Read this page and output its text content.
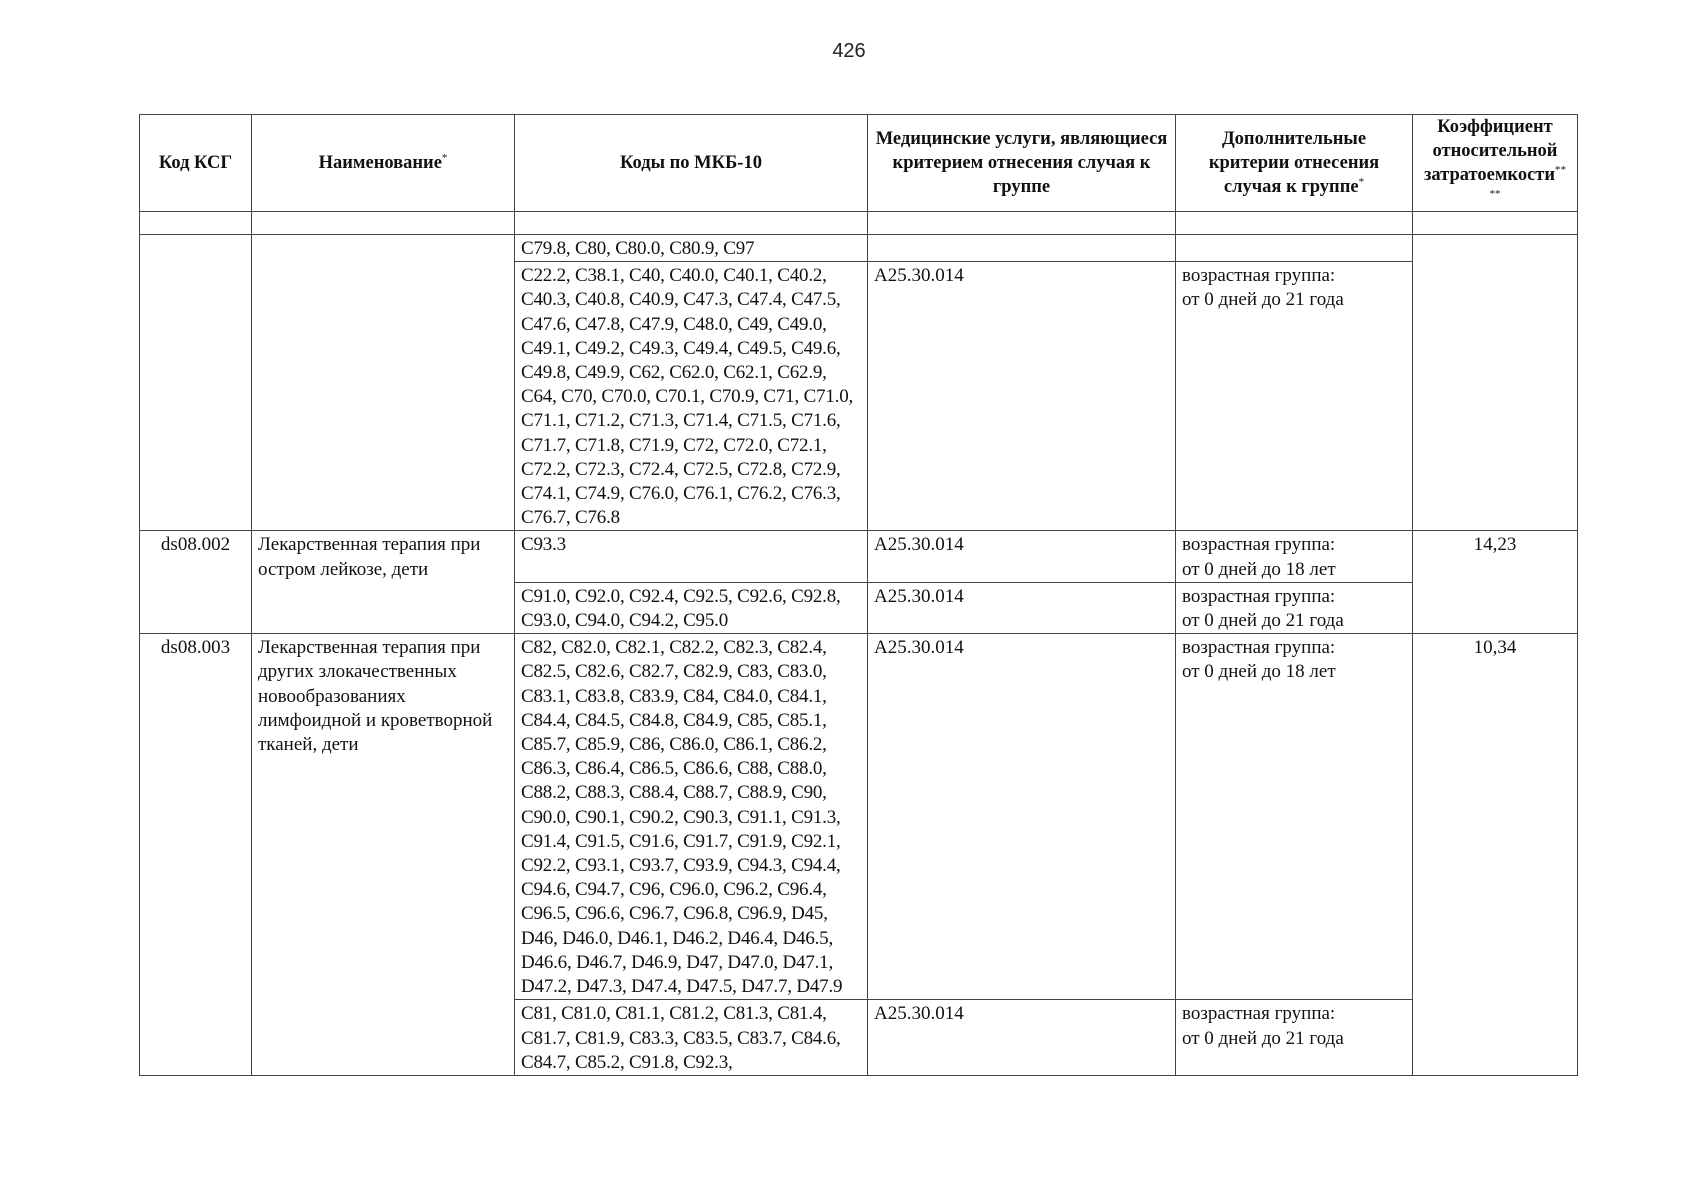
426
Код КСГ	Наименование*	Коды по МКБ-10	Медицинские услуги, являющиеся критерием отнесения случая к группе	Дополнительные критерии отнесения случая к группе*	Коэффициент относительной затратоемкости**
**

		C79.8, C80, C80.0, C80.9, C97			
		C22.2, C38.1, C40, C40.0, C40.1, C40.2, C40.3, C40.8, C40.9, C47.3, C47.4, C47.5, C47.6, C47.8, C47.9, C48.0, C49, C49.0, C49.1, C49.2, C49.3, C49.4, C49.5, C49.6, C49.8, C49.9, C62, C62.0, C62.1, C62.9, C64, C70, C70.0, C70.1, C70.9, C71, C71.0, C71.1, C71.2, C71.3, C71.4, C71.5, C71.6, C71.7, C71.8, C71.9, C72, C72.0, C72.1, C72.2, C72.3, C72.4, C72.5, C72.8, C72.9, C74.1, C74.9, C76.0, C76.1, C76.2, C76.3, C76.7, C76.8	A25.30.014	возрастная группа:
от 0 дней до 21 года	
ds08.002	Лекарственная терапия при остром лейкозе, дети	C93.3	A25.30.014	возрастная группа:
от 0 дней до 18 лет	14,23
		C91.0, C92.0, C92.4, C92.5, C92.6, C92.8, C93.0, C94.0, C94.2, C95.0	A25.30.014	возрастная группа:
от 0 дней до 21 года	
ds08.003	Лекарственная терапия при других злокачественных новообразованиях лимфоидной и кроветворной тканей, дети	C82, C82.0, C82.1, C82.2, C82.3, C82.4, C82.5, C82.6, C82.7, C82.9, C83, C83.0, C83.1, C83.8, C83.9, C84, C84.0, C84.1, C84.4, C84.5, C84.8, C84.9, C85, C85.1, C85.7, C85.9, C86, C86.0, C86.1, C86.2, C86.3, C86.4, C86.5, C86.6, C88, C88.0, C88.2, C88.3, C88.4, C88.7, C88.9, C90, C90.0, C90.1, C90.2, C90.3, C91.1, C91.3, C91.4, C91.5, C91.6, C91.7, C91.9, C92.1, C92.2, C93.1, C93.7, C93.9, C94.3, C94.4, C94.6, C94.7, C96, C96.0, C96.2, C96.4, C96.5, C96.6, C96.7, C96.8, C96.9, D45, D46, D46.0, D46.1, D46.2, D46.4, D46.5, D46.6, D46.7, D46.9, D47, D47.0, D47.1, D47.2, D47.3, D47.4, D47.5, D47.7, D47.9	A25.30.014	возрастная группа:
от 0 дней до 18 лет	10,34
		C81, C81.0, C81.1, C81.2, C81.3, C81.4, C81.7, C81.9, C83.3, C83.5, C83.7, C84.6, C84.7, C85.2, C91.8, C92.3,	A25.30.014	возрастная группа:
от 0 дней до 21 года	
